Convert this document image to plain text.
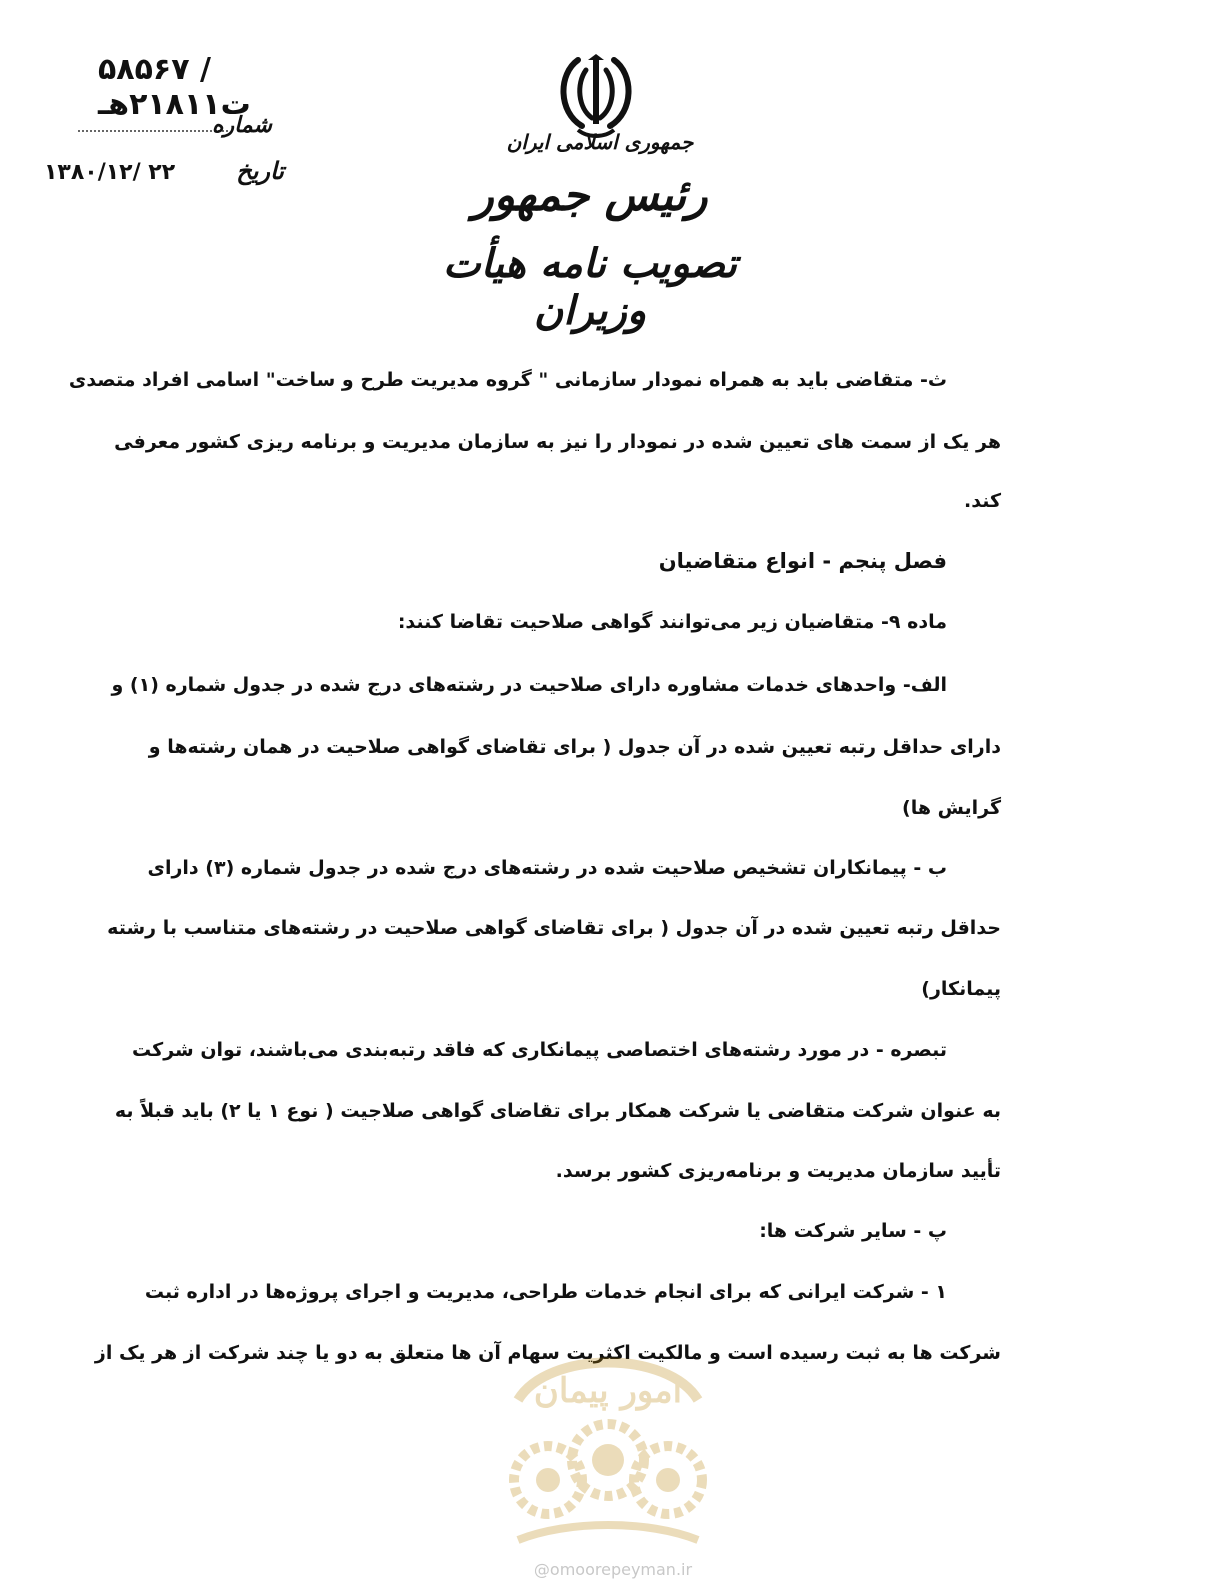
جمهوری اسلامی ایران
رئیس جمهور
تصویب نامه هیأت وزیران
۵۸۵۶۷ /ت۲۱۸۱۱هـ
شماره
۱۳۸۰/۱۲/ ۲۲	تاریخ
ث- متقاضی باید به همراه نمودار سازمانی " گروه مدیریت طرح و ساخت" اسامی افراد متصدی
هر یک از سمت های تعیین شده در نمودار را نیز به سازمان مدیریت و برنامه ریزی کشور معرفی
کند.
فصل پنجم - انواع متقاضیان
ماده ۹- متقاضیان زیر می‌توانند گواهی صلاحیت تقاضا کنند:
الف- واحدهای خدمات مشاوره دارای صلاحیت در رشته‌های درج شده در جدول شماره (۱) و
دارای حداقل رتبه تعیین شده در آن جدول ( برای تقاضای گواهی صلاحیت در همان رشته‌ها و
گرایش ها)
ب - پیمانکاران تشخیص صلاحیت شده در رشته‌های درج شده در جدول شماره (۳) دارای
حداقل رتبه تعیین شده در آن جدول ( برای تقاضای گواهی صلاحیت در رشته‌های متناسب با رشته
پیمانکار)
تبصره - در مورد رشته‌های اختصاصی پیمانکاری که فاقد رتبه‌بندی می‌باشند، توان شرکت
به عنوان شرکت متقاضی یا شرکت همکار برای تقاضای گواهی صلاجیت ( نوع ۱ یا ۲) باید قبلاً به
تأیید سازمان مدیریت و برنامه‌ریزی کشور برسد.
پ - سایر شرکت ها:
۱ - شرکت ایرانی که برای انجام خدمات طراحی، مدیریت و اجرای پروژه‌ها در اداره ثبت
شرکت ها به ثبت رسیده است و مالکیت اکثریت سهام آن ها متعلق به دو یا چند شرکت از هر یک از
امور پیمان
@omoorepeyman.ir
